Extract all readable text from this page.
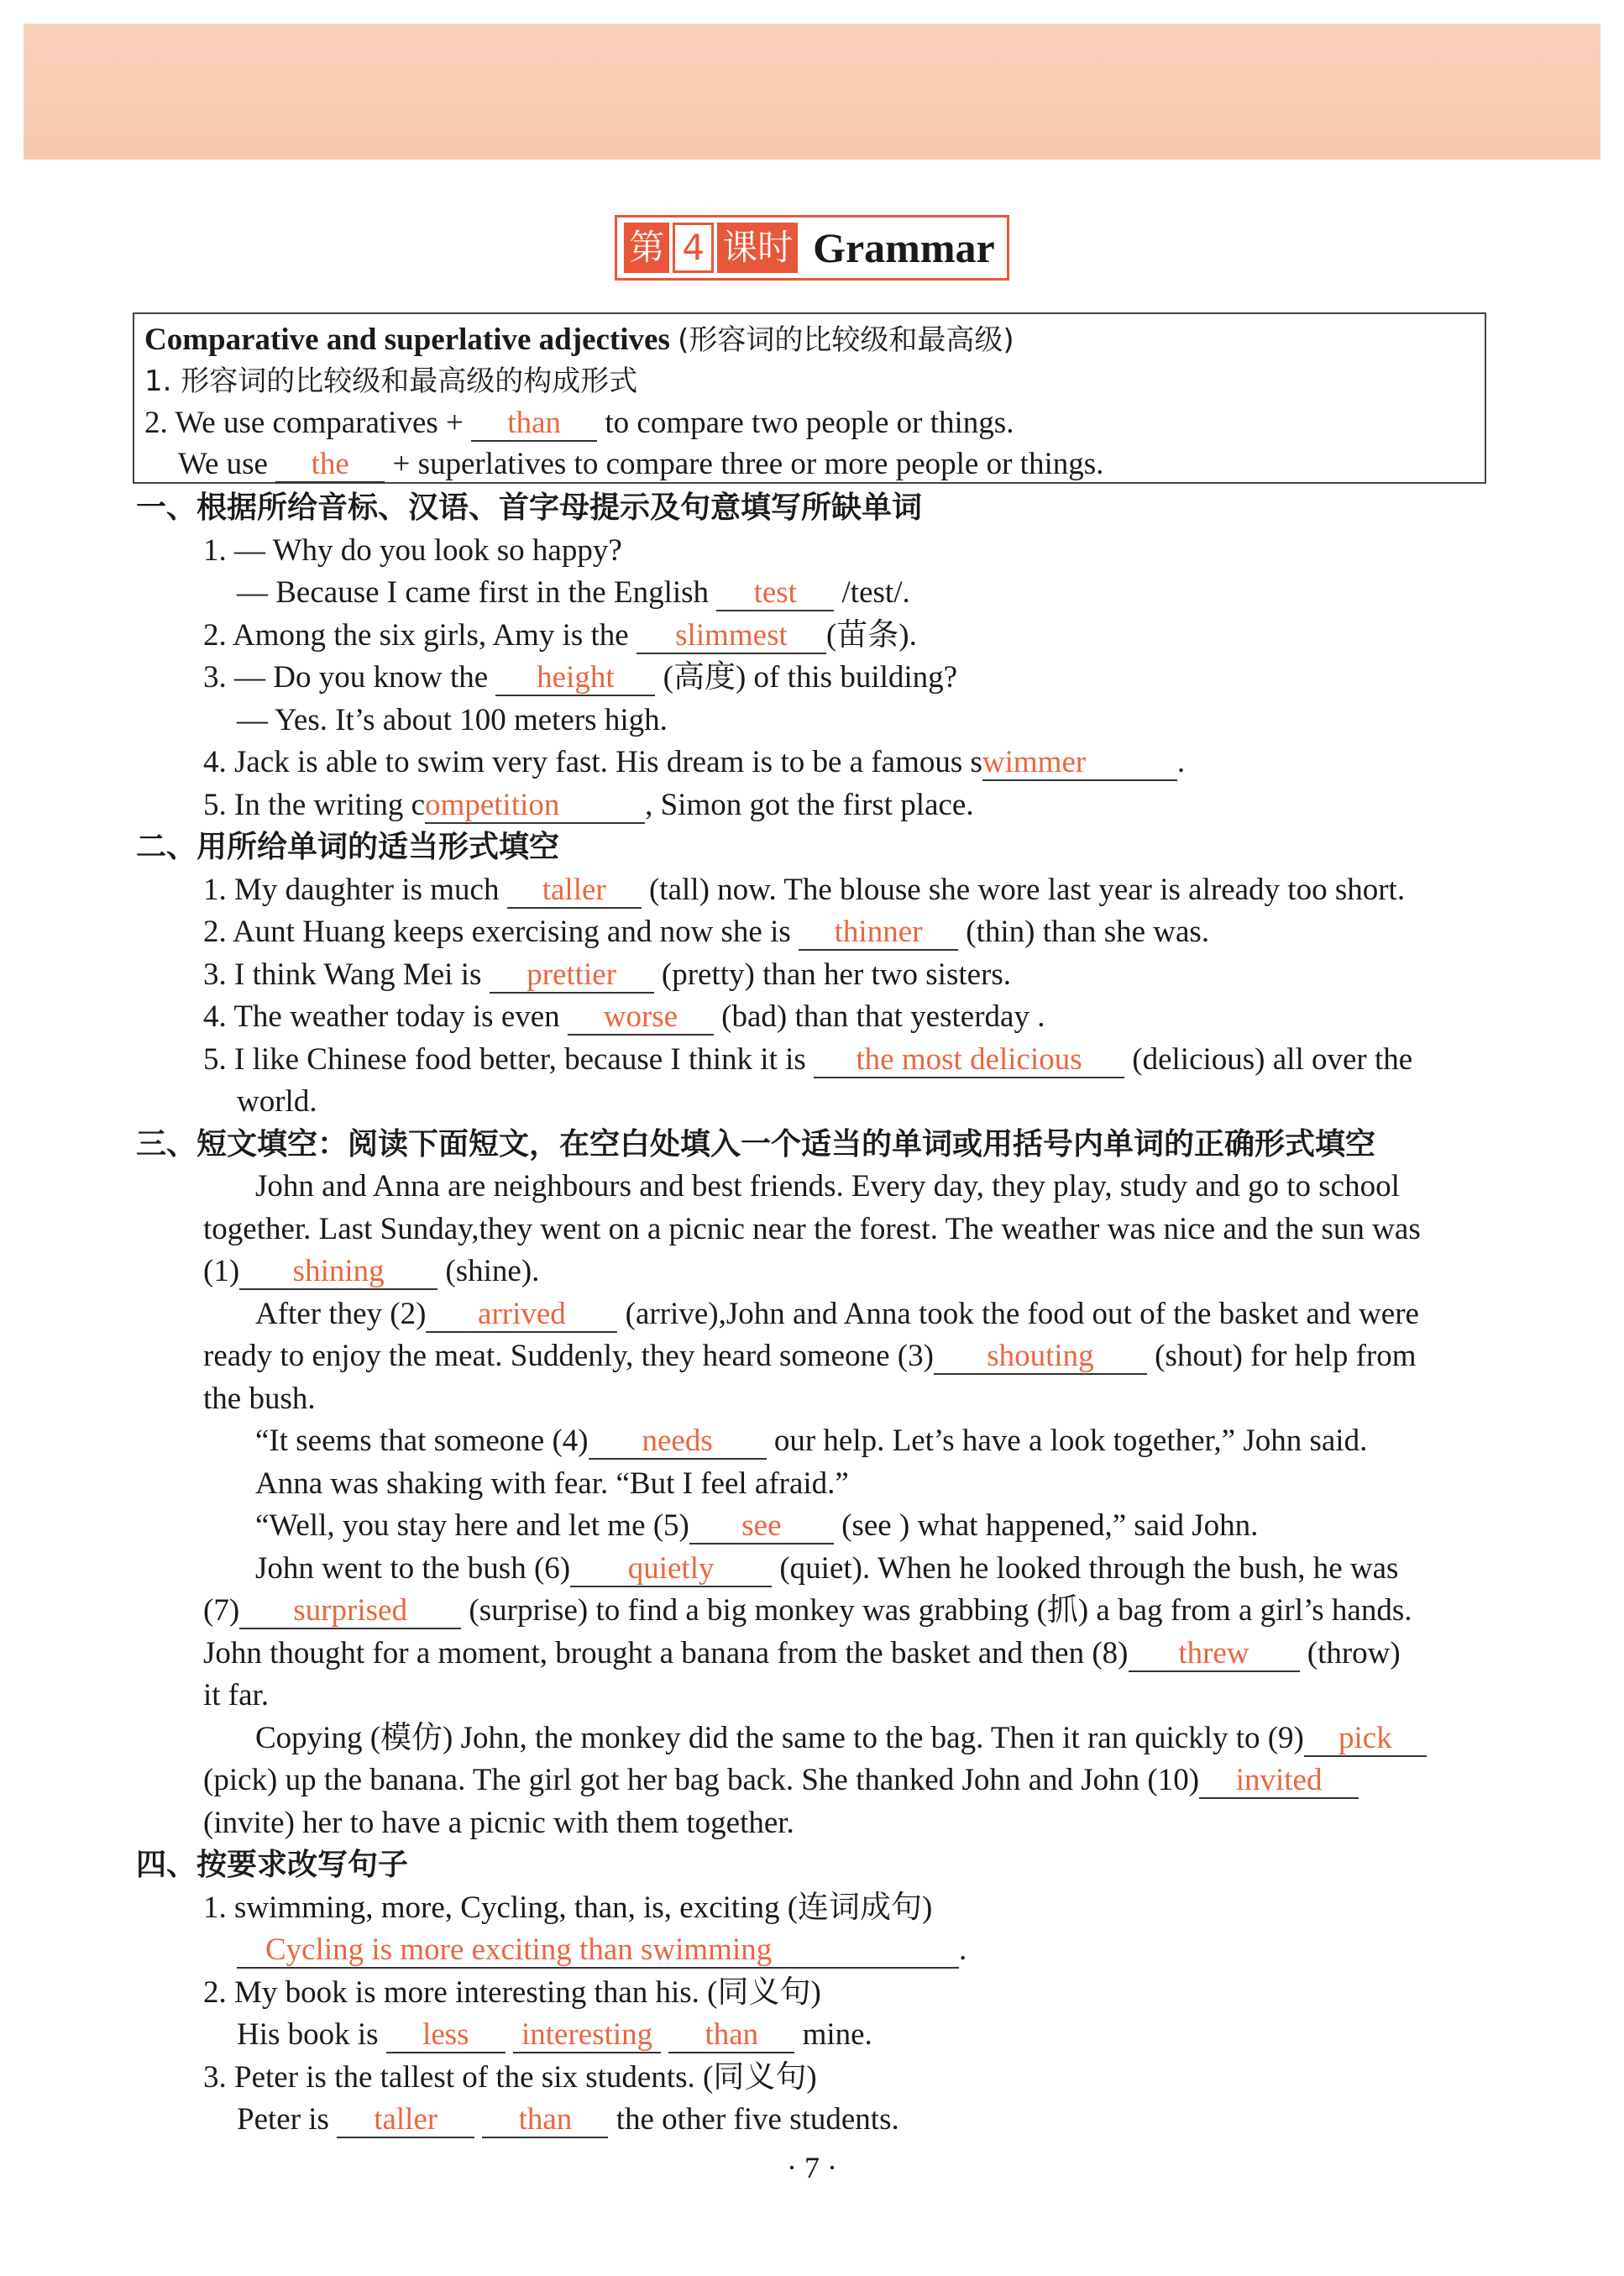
第 4 课时 Grammar
Comparative and superlative adjectives (形容词的比较级和最高级)
1. 形容词的比较级和最高级的构成形式
2. We use comparatives + than to compare two people or things.
We use the + superlatives to compare three or more people or things.
一、根据所给音标、汉语、首字母提示及句意填写所缺单词
1. — Why do you look so happy?
— Because I came first in the English test /test/.
2. Among the six girls, Amy is the slimmest (苗条).
3. — Do you know the height (高度) of this building?
— Yes. It’s about 100 meters high.
4. Jack is able to swim very fast. His dream is to be a famous swimmer	.
5. In the writing competition	, Simon got the first place.
二、用所给单词的适当形式填空
1. My daughter is much taller (tall) now. The blouse she wore last year is already too short.
2. Aunt Huang keeps exercising and now she is thinner (thin) than she was.
3. I think Wang Mei is prettier (pretty) than her two sisters.
4. The weather today is even worse (bad) than that yesterday .
5. I like Chinese food better, because I think it is the most delicious (delicious) all over the
world.
三、短文填空：阅读下面短文，在空白处填入一个适当的单词或用括号内单词的正确形式填空
John and Anna are neighbours and best friends. Every day, they play, study and go to school
together. Last Sunday,they went on a picnic near the forest. The weather was nice and the sun was
(1) shining (shine).
After they (2) arrived (arrive),John and Anna took the food out of the basket and were
ready to enjoy the meat. Suddenly, they heard someone (3) shouting (shout) for help from
the bush.
“It seems that someone (4) needs our help. Let’s have a look together,” John said.
Anna was shaking with fear. “But I feel afraid.”
“Well, you stay here and let me (5) see (see ) what happened,” said John.
John went to the bush (6) quietly (quiet). When he looked through the bush, he was
(7) surprised (surprise) to find a big monkey was grabbing (抓) a bag from a girl’s hands.
John thought for a moment, brought a banana from the basket and then (8) threw (throw)
it far.
Copying (模仿) John, the monkey did the same to the bag. Then it ran quickly to (9) pick
(pick) up the banana. The girl got her bag back. She thanked John and John (10) invited
(invite) her to have a picnic with them together.
四、按要求改写句子
1. swimming, more, Cycling, than, is, exciting (连词成句)
Cycling is more exciting than swimming	.
2. My book is more interesting than his. (同义句)
His book is less interesting than mine.
3. Peter is the tallest of the six students. (同义句)
Peter is taller	than the other five students.
· 7 ·
